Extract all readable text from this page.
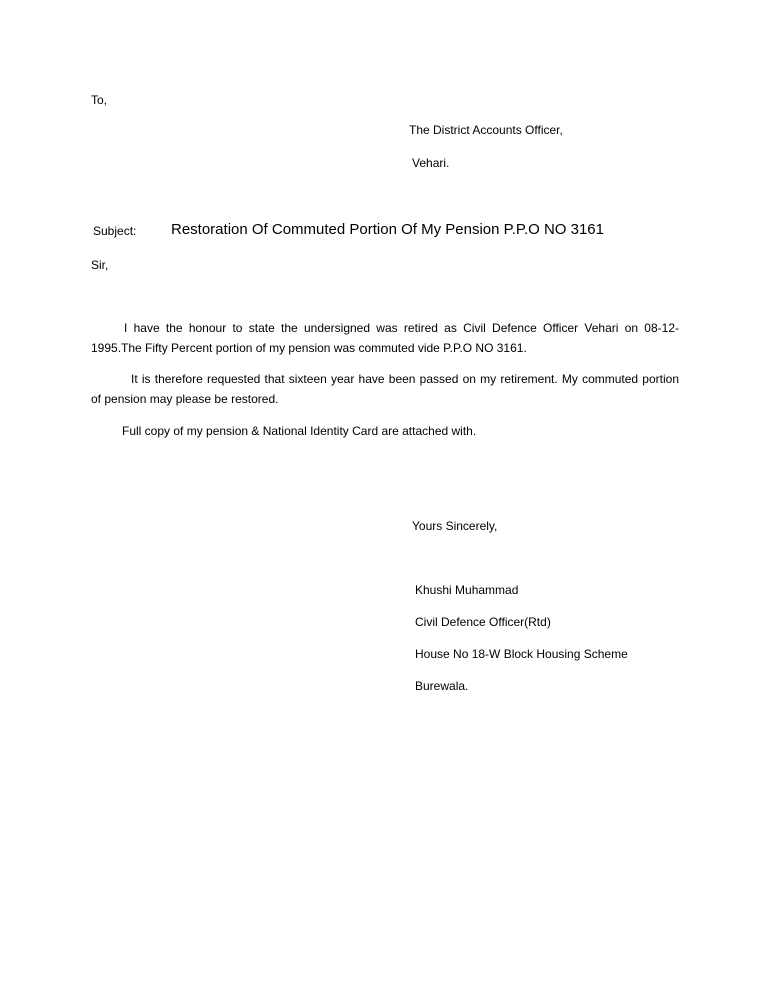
To,
The District Accounts Officer,
Vehari.
Subject: Restoration Of Commuted Portion Of My Pension P.P.O NO 3161
Sir,
I have the honour to state the undersigned was retired as Civil Defence Officer Vehari on 08-12-1995.The Fifty Percent portion of my pension was commuted vide P.P.O NO 3161.
It is therefore requested that sixteen year have been passed on my retirement. My commuted portion of pension may please be restored.
Full copy of my pension & National Identity Card are attached with.
Yours Sincerely,
Khushi Muhammad
Civil Defence Officer(Rtd)
House No 18-W Block Housing Scheme
Burewala.
